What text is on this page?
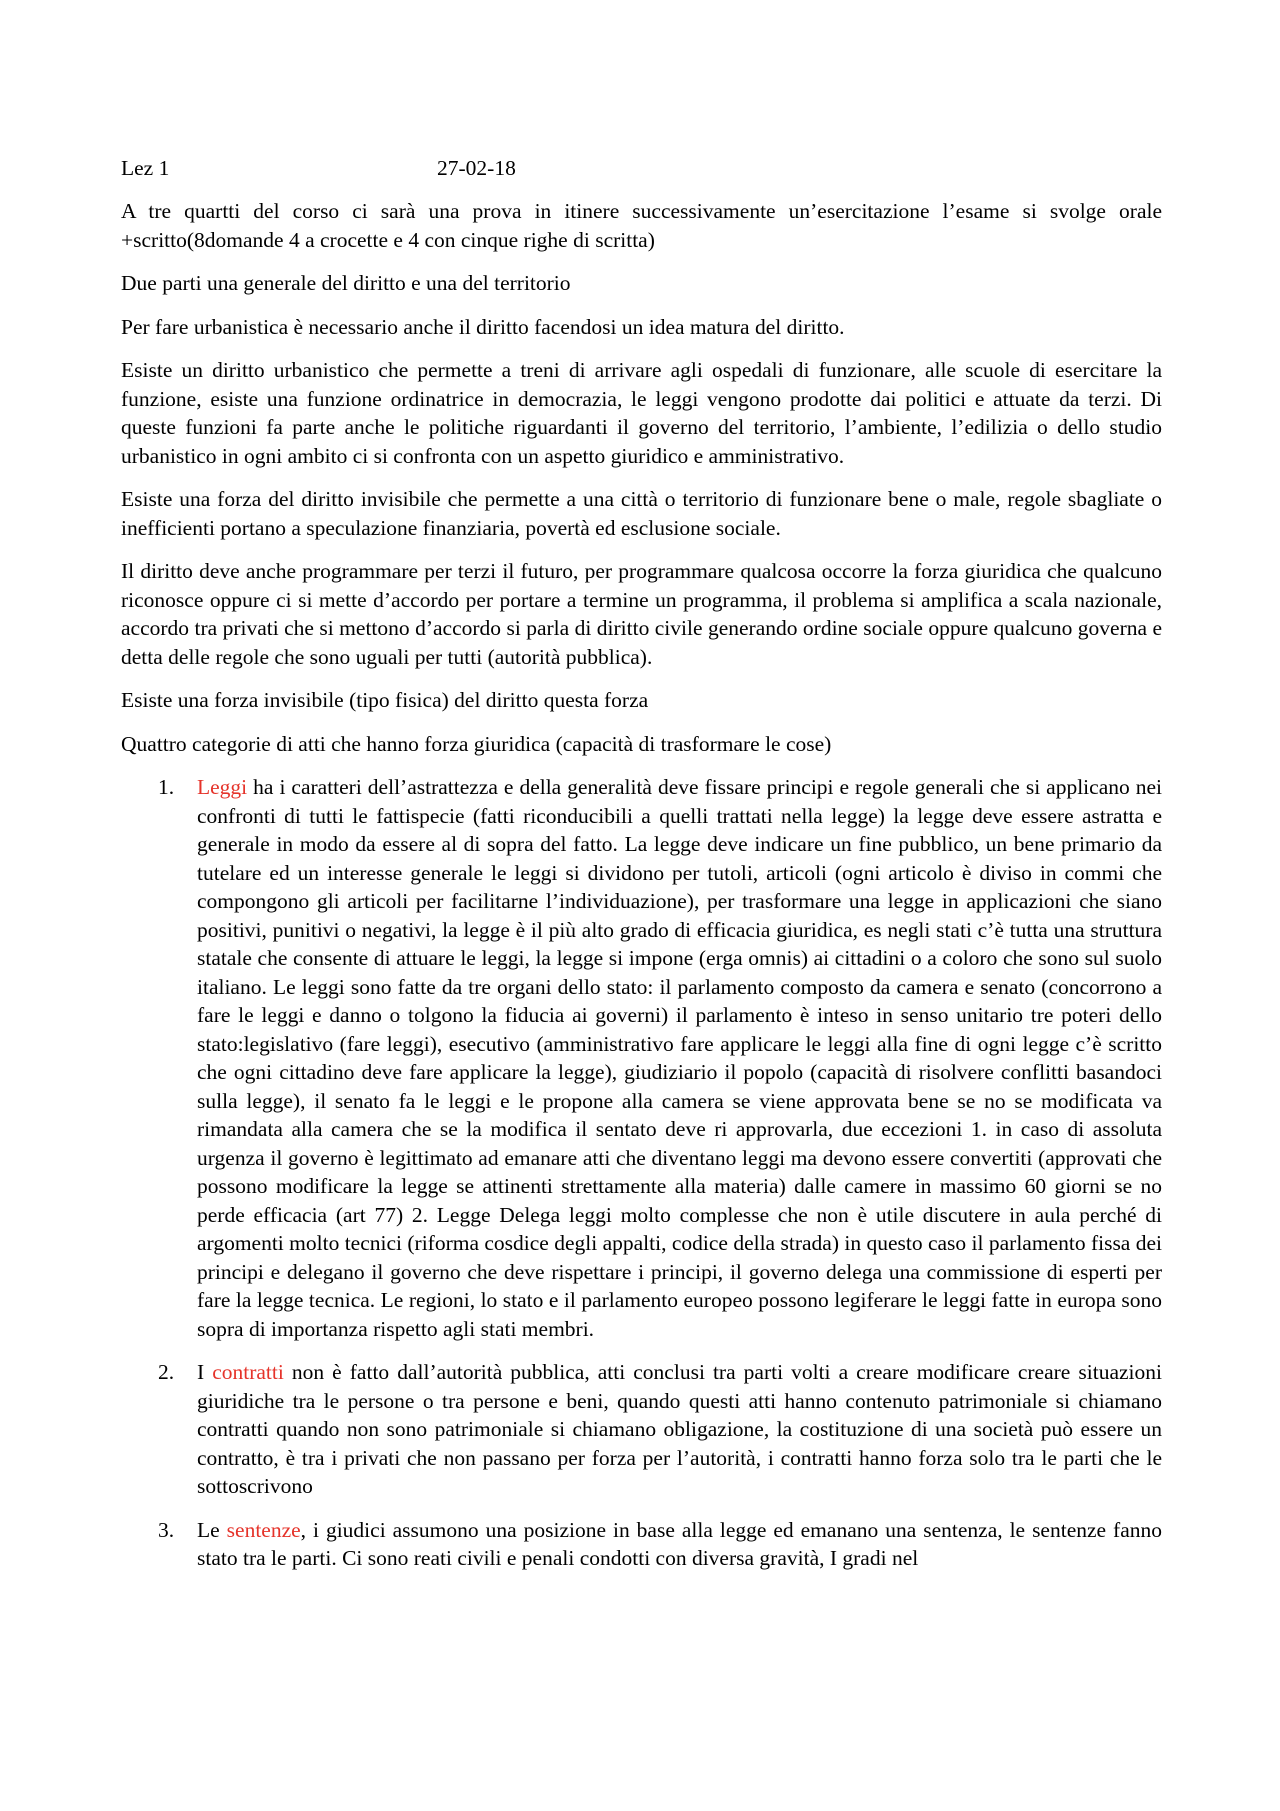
Lez 1	27-02-18

A tre quartti del corso ci sarà una prova in itinere successivamente un’esercitazione l’esame si svolge orale +scritto(8domande 4 a crocette e 4 con cinque righe di scritta)

Due parti una generale del diritto e una del territorio

Per fare urbanistica è necessario anche il diritto facendosi un idea matura del diritto.

Esiste un diritto urbanistico che permette a treni di arrivare agli ospedali di funzionare, alle scuole di esercitare la funzione, esiste una funzione ordinatrice in democrazia, le leggi vengono prodotte dai politici e attuate da terzi. Di queste funzioni fa parte anche le politiche riguardanti il governo del territorio, l’ambiente, l’edilizia o dello studio urbanistico in ogni ambito ci si confronta con un aspetto giuridico e amministrativo.

Esiste una forza del diritto invisibile che permette a una città o territorio di funzionare bene o male, regole sbagliate o inefficienti portano a speculazione finanziaria, povertà ed esclusione sociale.

Il diritto deve anche programmare per terzi il futuro, per programmare qualcosa occorre la forza giuridica che qualcuno riconosce oppure ci si mette d’accordo per portare a termine un programma, il problema si amplifica a scala nazionale, accordo tra privati che si mettono d’accordo si parla di diritto civile generando ordine sociale oppure qualcuno governa e detta delle regole che sono uguali per tutti (autorità pubblica).

Esiste una forza invisibile (tipo fisica) del diritto questa forza

Quattro categorie di atti che hanno forza giuridica (capacità di trasformare le cose)

1. Leggi ha i caratteri dell’astrattezza e della generalità deve fissare principi e regole generali che si applicano nei confronti di tutti le fattispecie (fatti riconducibili a quelli trattati nella legge) la legge deve essere astratta e generale in modo da essere al di sopra del fatto. La legge deve indicare un fine pubblico, un bene primario da tutelare ed un interesse generale le leggi si dividono per tutoli, articoli (ogni articolo è diviso in commi che compongono gli articoli per facilitarne l’individuazione), per trasformare una legge in applicazioni che siano positivi, punitivi o negativi, la legge è il più alto grado di efficacia giuridica, es negli stati c’è tutta una struttura statale che consente di attuare le leggi, la legge si impone (erga omnis) ai cittadini o a coloro che sono sul suolo italiano. Le leggi sono fatte da tre organi dello stato: il parlamento composto da camera e senato (concorrono a fare le leggi e danno o tolgono la fiducia ai governi) il parlamento è inteso in senso unitario tre poteri dello stato:legislativo (fare leggi), esecutivo (amministrativo fare applicare le leggi alla fine di ogni legge c’è scritto che ogni cittadino deve fare applicare la legge), giudiziario il popolo (capacità di risolvere conflitti basandoci sulla legge), il senato fa le leggi e le propone alla camera se viene approvata bene se no se modificata va rimandata alla camera che se la modifica il sentato deve ri approvarla, due eccezioni 1. in caso di assoluta urgenza il governo è legittimato ad emanare atti che diventano leggi ma devono essere convertiti (approvati che possono modificare la legge se attinenti strettamente alla materia) dalle camere in massimo 60 giorni se no perde efficacia (art 77) 2. Legge Delega leggi molto complesse che non è utile discutere in aula perché di argomenti molto tecnici (riforma cosdice degli appalti, codice della strada) in questo caso il parlamento fissa dei principi e delegano il governo che deve rispettare i principi, il governo delega una commissione di esperti per fare la legge tecnica. Le regioni, lo stato e il parlamento europeo possono legiferare le leggi fatte in europa sono sopra di importanza rispetto agli stati membri.
2. I contratti non è fatto dall’autorità pubblica, atti conclusi tra parti volti a creare modificare creare situazioni giuridiche tra le persone o tra persone e beni, quando questi atti hanno contenuto patrimoniale si chiamano contratti quando non sono patrimoniale si chiamano obligazione, la costituzione di una società può essere un contratto, è tra i privati che non passano per forza per l’autorità, i contratti hanno forza solo tra le parti che le sottoscrivono
3. Le sentenze, i giudici assumono una posizione in base alla legge ed emanano una sentenza, le sentenze fanno stato tra le parti. Ci sono reati civili e penali condotti con diversa gravità, I gradi nel
